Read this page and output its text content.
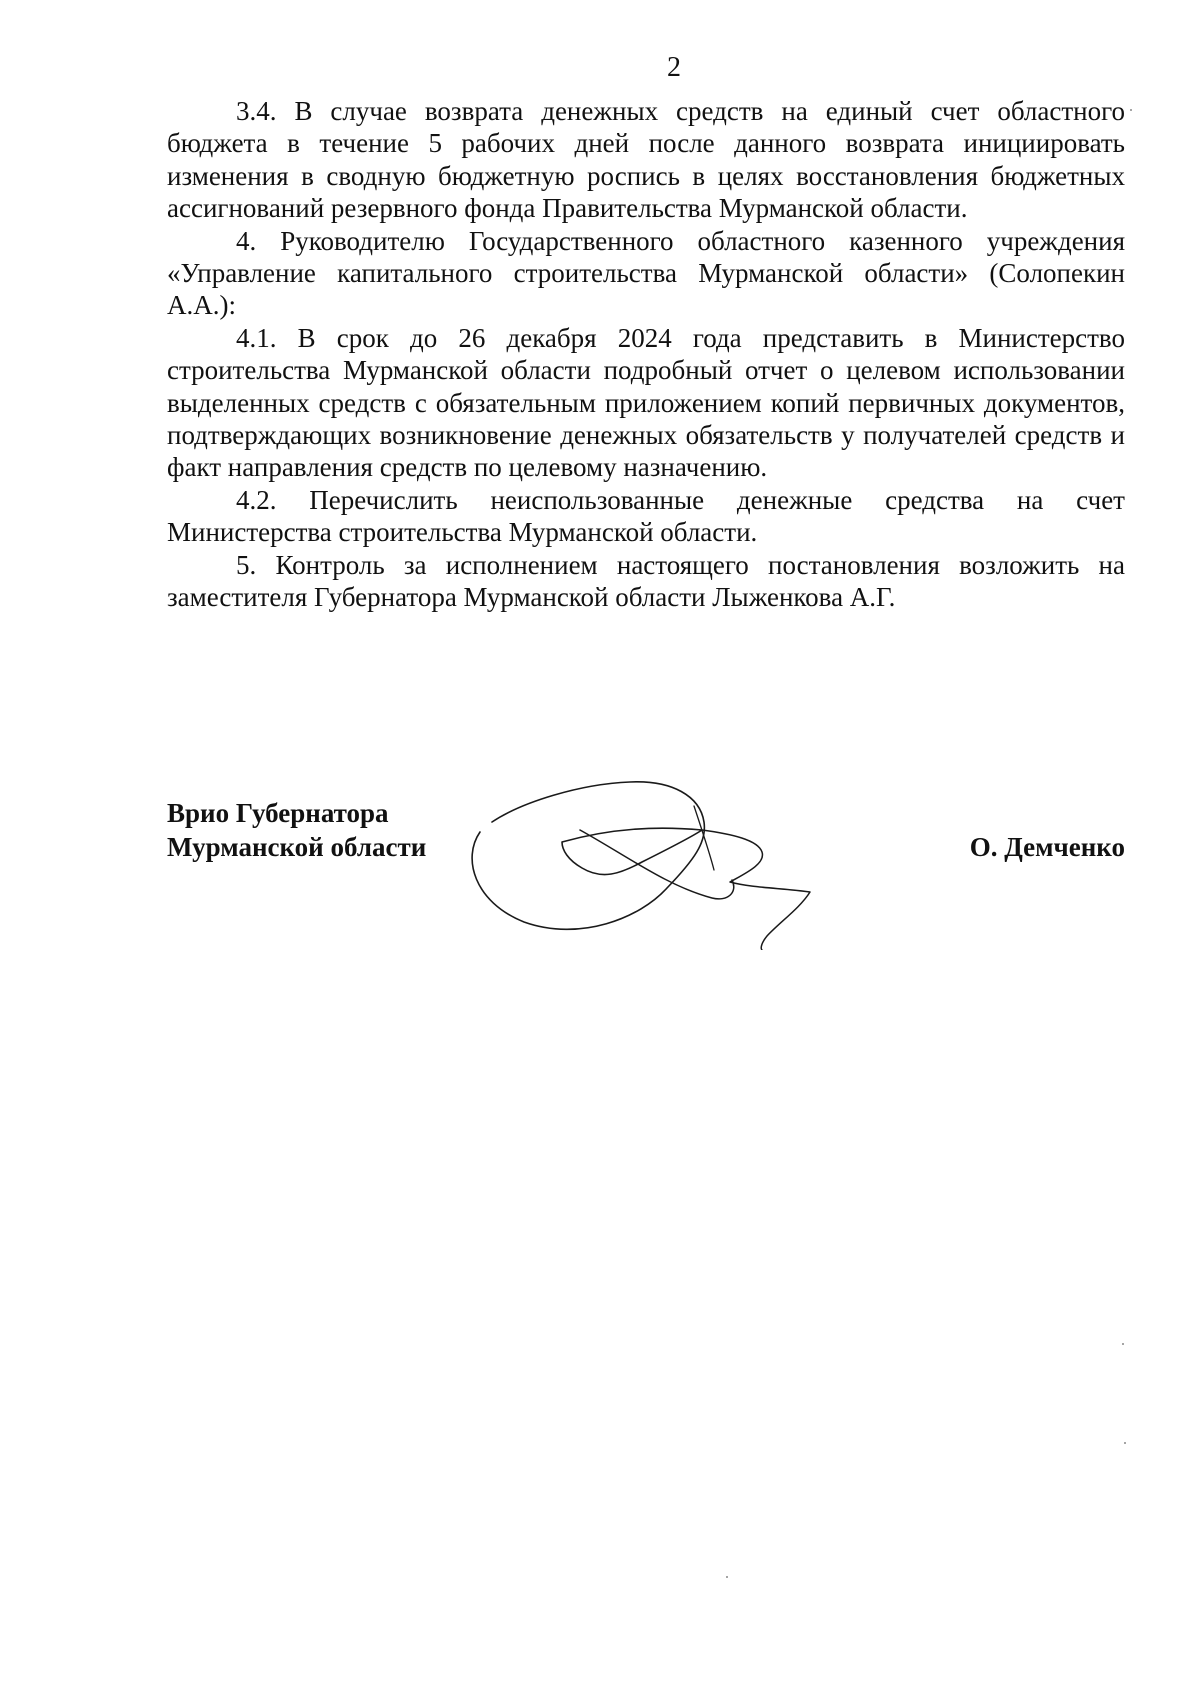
2

3.4. В случае возврата денежных средств на единый счет областного бюджета в течение 5 рабочих дней после данного возврата инициировать изменения в сводную бюджетную роспись в целях восстановления бюджетных ассигнований резервного фонда Правительства Мурманской области.

4. Руководителю Государственного областного казенного учреждения «Управление капитального строительства Мурманской области» (Солопекин А.А.):

4.1. В срок до 26 декабря 2024 года представить в Министерство строительства Мурманской области подробный отчет о целевом использовании выделенных средств с обязательным приложением копий первичных документов, подтверждающих возникновение денежных обязательств у получателей средств и факт направления средств по целевому назначению.

4.2. Перечислить неиспользованные денежные средства на счет Министерства строительства Мурманской области.

5. Контроль за исполнением настоящего постановления возложить на заместителя Губернатора Мурманской области Лыженкова А.Г.

Врио Губернатора
Мурманской области	О. Демченко
